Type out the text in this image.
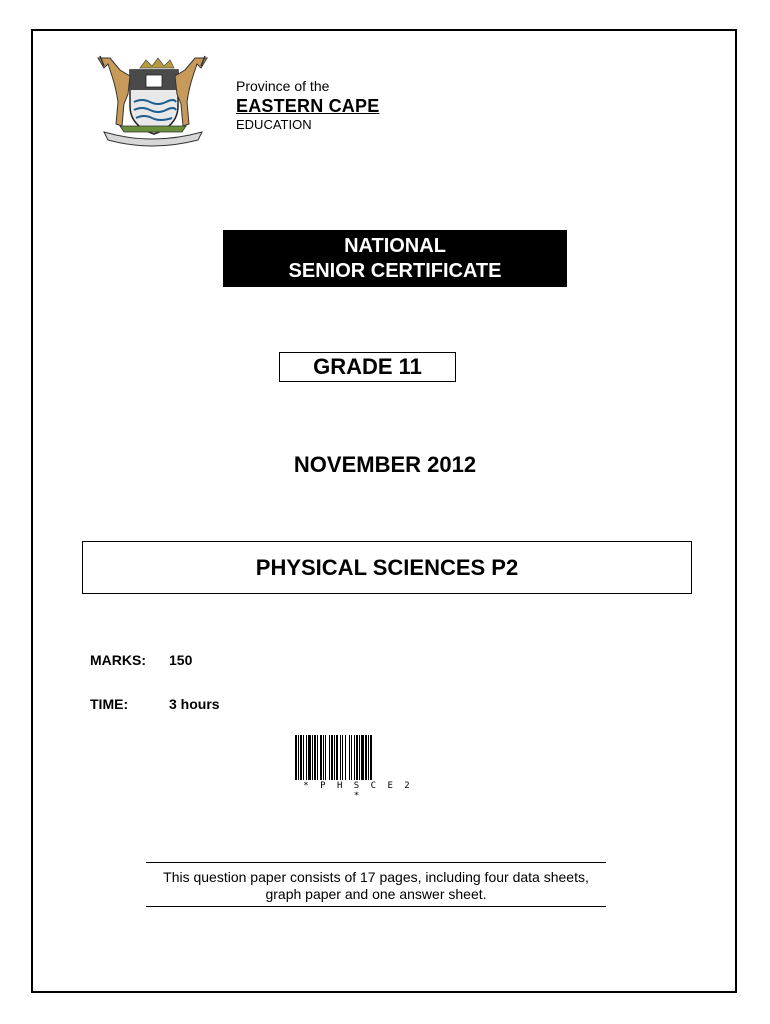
Province of the
EASTERN CAPE
EDUCATION
NATIONAL
SENIOR CERTIFICATE
GRADE 11
NOVEMBER 2012
PHYSICAL SCIENCES P2
MARKS: 150
TIME:	3 hours
* P H S C E 2 *
This question paper consists of 17 pages, including four data sheets, graph paper and one answer sheet.
